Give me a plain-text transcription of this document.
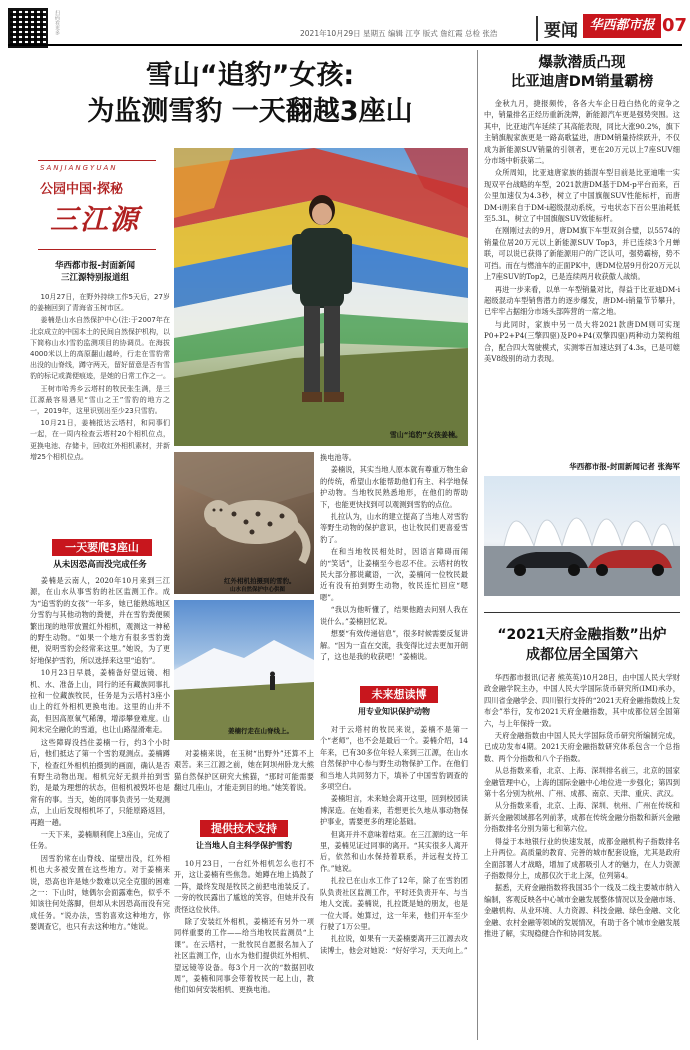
扫码看更多	2021年10月29日 星期五 编辑 江亨 版式 詹红霞 总检 张浩	要闻 华西都市报 07
雪山“追豹”女孩:
为监测雪豹 一天翻越3座山
SANJIANGYUAN
公园中国·探秘
三江源
华西都市报-封面新闻
三江源特别报道组

10月27日，在野外持续工作5天后，27岁的姜楠回到了青海省玉树市区。

姜楠是山水自然保护中心(注:于2007年在北京成立的中国本土的民间自然保护机构，以下简称山水)雪豹监测项目的协调员。在海拔4000米以上的高原翻山越岭，行走在雪豹常出没的山脊线，蹲守两天，留好留意是否有雪豹的标记或粪便痕迹，是她的日常工作之一。

王树市哈秀乡云塔村的牧民张生满，是三江源最容易遇见“雪山之王”雪豹的地方之一，2019年，这里识别出至少23只雪豹。

10月21日，姜楠抵达云塔村，和同事们一起，在一周内检查云塔村20个相机位点，更换电池、存储卡，回收红外相机素材，并新增25个相机位点。

一天要爬3座山
从未因恐高而没完成任务

姜楠是云南人，2020年10月来到三江源，在山水从事雪豹的社区监测工作。成为“追雪豹的女孩”一年多，她已能熟练地区分雪豹与其他动物的粪便，并在雪豹粪便频繁出现的地带放置红外相机，观测这一神秘的野生动物。“如果一个地方有很多雪豹粪便，说明雪豹会经常来这里。”她说，为了更好地保护雪豹，所以选择来这里“追豹”。

10月23日早晨，姜楠备好望远镜、相机、水、准备上山，同行的还有藏族同事扎拉和一位藏族牧民，任务是为云塔村3座小山上的红外相机更换电池。这里的山并不高，但因高原氧气稀薄，增添攀登难度。山间未完全融化的雪道，也让山路湿滑难走。

这些障碍没挡住姜楠一行，约3个小时后，他们抵达了第一个雪豹观测点。姜楠蹲下，检查红外相机拍摄到的画面，确认是否有野生动物出现。相机完好无损并拍到雪豹，是最为理想的状态，但相机被毁坏也是常有的事。当天，她的同事负责另一处观测点，上山后发现相机坏了，只能原路返回，再跑一趟。

一天下来，姜楠顺利爬上3座山，完成了任务。

因雪豹常在山脊线、崖壁出没，红外相机也大多被安置在这些地方。对于姜楠来说，恐高也许是她少数难以完全克服的困难之一：下山时，她偶尔会面露难色，似乎不知该往何处落脚，但却从未因恐高而没有完成任务。“说办法，雪豹喜欢这种地方，你要调查它，也只有去这种地方。”她说。

雪山“追豹”女孩姜楠。
红外相机拍摄到的雪豹。
山水自然保护中心供图
姜楠行走在山脊线上。

对姜楠来说，在玉树“出野外”还算不上艰苦。来三江源之前，她在阿坝州卧龙大熊猫自然保护区研究大熊猫，“那时可能需要翻过几座山，才能走到目的地。”她笑着说。

提供技术支持
让当地人自主科学保护雪豹

10月23日，一台红外相机怎么也打不开，这让姜楠有些焦急。她蹲在地上捣鼓了一阵，最终发现是牧民之前把电池装反了。一旁的牧民露出了尴尬的笑容，但她并没有责怪这位伙伴。

除了安装红外相机，姜楠还有另外一项同样重要的工作——给当地牧民监测员“上课”。在云塔村，一批牧民自愿报名加入了社区监测工作，山水为他们提供红外相机、望远镜等设备。每3个月一次的“数据回收周”，姜楠和同事会带着牧民一起上山，教他们如何安装相机、更换电池。

换电池等。

姜楠说，其实当地人原本就有尊重万物生命的传统，希望山水能帮助他们有主、科学地保护动物。当地牧民熟悉地形，在他们的帮助下，也能更快找到可以观测到雪豹的点位。

扎拉认为，山水的建立提高了当地人对雪豹等野生动物的保护意识，也让牧民们更喜爱雪豹了。

在和当地牧民相处时，因语言障碍而闹的“笑话”，让姜楠至今也忍不住。云塔村的牧民大部分都说藏语，一次，姜楠问一位牧民最近有没有拍到野生动物，牧民连忙回应“嗯嗯”。

“我以为他听懂了，结果他跑去问别人我在说什么。”姜楠回忆说。

想要“有效传递信息”，很多时候需要反复讲解。“因为一直在交流，我变得比过去更加开朗了，这也是我的收获吧！”姜楠说。

未来想读博
用专业知识保护动物

对于云塔村的牧民来说，姜楠不是第一个“老师”，也不会是最后一个。姜楠介绍，14年来，已有30多位年轻人来到三江源，在山水自然保护中心参与野生动物保护工作。在他们和当地人共同努力下，填补了中国雪豹调查的多项空白。

姜楠坦言，未来她会离开这里，回到校园读博深造。在她看来，若想更长久地从事动物保护事业，需要更多的理论基础。

但离开并不意味着结束。在三江源的这一年里，姜楠见证过同事的离开。“其实很多人离开后，依然和山水保持着联系，并远程支持工作。”她说。

扎拉已在山水工作了12年，除了在雪豹团队负责社区监测工作，平时还负责开车、与当地人交流。姜楠说，扎拉既是她的朋友，也是一位大哥。她算过，这一年来，他们开车至少行驶了1万公里。

扎拉说，如果有一天姜楠要离开三江源去攻读博士，他会对她说：“好好学习，天天向上。”

爆款潜质凸现
比亚迪唐DM销量霸榜

金秋九月，捷报频传，各各大车企日趋白热化的竞争之中，销量排名正经历重新洗牌，新能源汽车更是强势突围。这其中，比亚迪汽车延续了其高能表现，同比大涨90.2%，旗下主销旗舰家族更是一路高歌猛进，唐DM销量持续跃升，不仅成为新能源SUV销量的引领者，更在20万元以上7座SUV细分市场中斩获第二。

众所周知，比亚迪唐家族的插混车型目前是比亚迪唯一实现双平台战略的车型，2021款唐DM基于DM-p平台而来，百公里加速仅为4.3秒，树立了中国旗舰SUV性能标杆，而唐DM-i则来自于DM-i超级混动系统，亏电状态下百公里油耗低至5.3L，树立了中国旗舰SUV效能标杆。

在刚刚过去的9月，唐DM旗下车型双剑合璧，以5574的销量位居20万元以上新能源SUV Top3，并已连续3个月蝉联，可以说已获得了新能源用户的广泛认可，强势霸榜，势不可挡。而在与燃油车的正面PK中，唐DM位居9月份20万元以上7座SUV的Top2，已是连续两月收获傲人战绩。

再进一步来看，以单一车型销量对比，得益于比亚迪DM-i超级混动车型销售潜力的逐步爆发，唐DM-i销量节节攀升，已牢牢占据细分市场头部阵营的一席之地。

与此同时，家族中另一员大将2021款唐DM则可实现P0+P2+P4(三擎四驱)及P0+P4(双擎四驱)两种动力架构组合，配合四大驾驶模式，实测零百加速达到了4.3s，已是可媲美V8级别的动力表现。

华西都市报-封面新闻记者 张海军
“2021天府金融指数”出炉
成都位居全国第六

华西都市报讯(记者 熊英英)10月28日，由中国人民大学财政金融学院主办，中国人民大学国际货币研究所(IMI)承办，四川省金融学会、四川银行支持的“2021天府金融指数线上发布会”举行，发布2021天府金融指数，其中成都位居全国第六，与上年保持一致。

天府金融指数由中国人民大学国际货币研究所编制完成，已成功发布4期。2021天府金融指数研究体系包含一个总指数、两个分指数和八个子指数。

从总指数来看，北京、上海、深圳排名前三，北京的国家金融管理中心，上海的国际金融中心地位进一步强化；第四到第十名分别为杭州、广州、成都、南京、天津、重庆、武汉。

从分指数来看，北京、上海、深圳、杭州、广州在传统和新兴金融领域都名列前茅，成都在传统金融分指数和新兴金融分指数排名分别为第七和第六位。

得益于本地银行业的快速发展，成都金融机构子指数排名上升两位。高质量的教育、完善的城市配套设施，尤其是政府全面部署人才战略，增加了成都吸引人才的魅力，在人力资源子指数得分上，成都仅次于北上深，位列第4。

据悉，天府金融指数将我国35个一线及二线主要城市纳入编制，客观反映各中心城市金融发展整体情况以及金融市场、金融机构、从业环境、人力资源、科技金融、绿色金融、文化金融、农村金融等领域的发展情况，有助于各个城市金融发展推进了解，实现稳健合作和协同发展。
